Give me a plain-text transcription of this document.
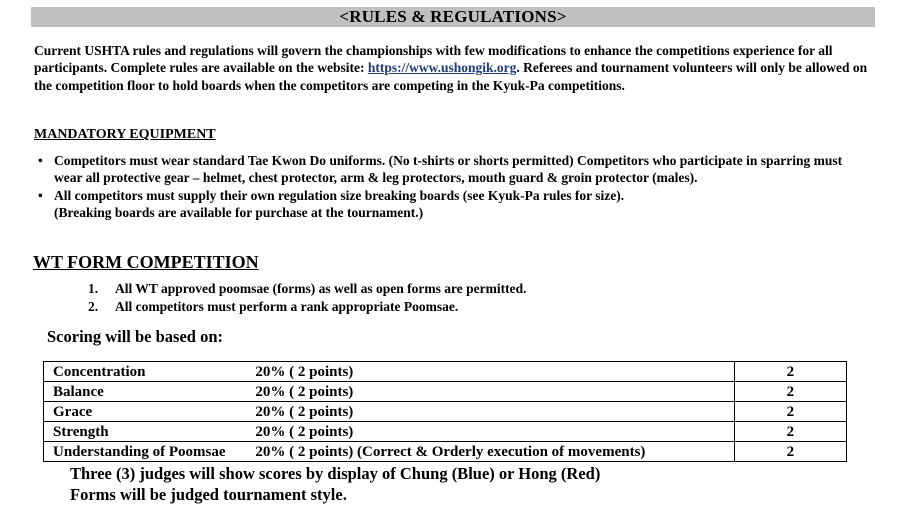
<RULES & REGULATIONS>

Current USHTA rules and regulations will govern the championships with few modifications to enhance the competitions experience for all participants. Complete rules are available on the website: https://www.ushongik.org. Referees and tournament volunteers will only be allowed on the competition floor to hold boards when the competitors are competing in the Kyuk-Pa competitions.

MANDATORY EQUIPMENT

• Competitors must wear standard Tae Kwon Do uniforms. (No t-shirts or shorts permitted) Competitors who participate in sparring must wear all protective gear – helmet, chest protector, arm & leg protectors, mouth guard & groin protector (males).
• All competitors must supply their own regulation size breaking boards (see Kyuk-Pa rules for size).
(Breaking boards are available for purchase at the tournament.)

WT FORM COMPETITION

1. All WT approved poomsae (forms) as well as open forms are permitted.
2. All competitors must perform a rank appropriate Poomsae.

Scoring will be based on:

Concentration	20% ( 2 points)	2
Balance	20% ( 2 points)	2
Grace	20% ( 2 points)	2
Strength	20% ( 2 points)	2
Understanding of Poomsae	20% ( 2 points) (Correct & Orderly execution of movements)	2
Three (3) judges will show scores by display of Chung (Blue) or Hong (Red)
Forms will be judged tournament style.
